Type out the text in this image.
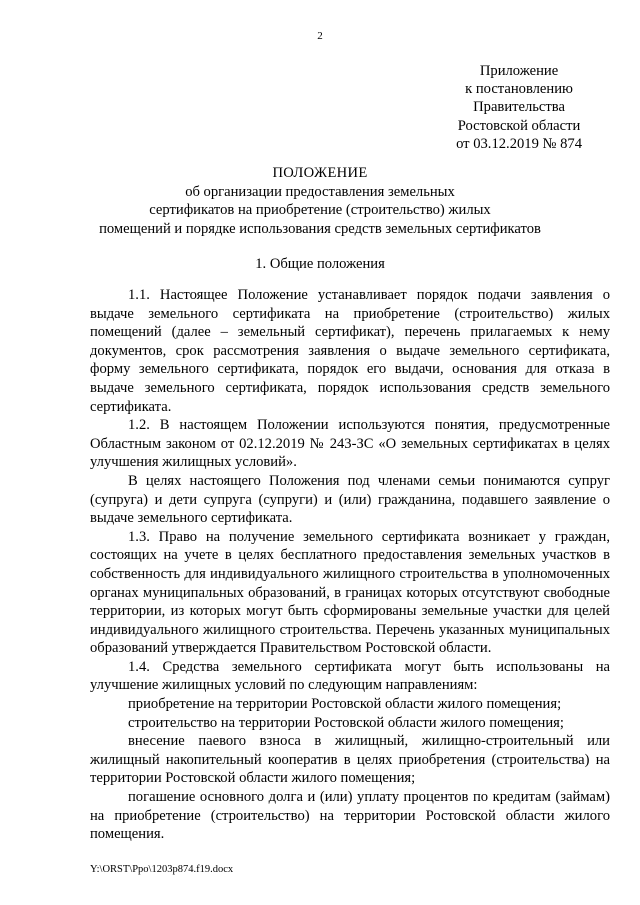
2
Приложение
к постановлению
Правительства
Ростовской области
от 03.12.2019 № 874
ПОЛОЖЕНИЕ
об организации предоставления земельных
сертификатов на приобретение (строительство) жилых
помещений и порядке использования средств земельных сертификатов
1. Общие положения

1.1. Настоящее Положение устанавливает порядок подачи заявления о выдаче земельного сертификата на приобретение (строительство) жилых помещений (далее – земельный сертификат), перечень прилагаемых к нему документов, срок рассмотрения заявления о выдаче земельного сертификата, форму земельного сертификата, порядок его выдачи, основания для отказа в выдаче земельного сертификата, порядок использования средств земельного сертификата.

1.2. В настоящем Положении используются понятия, предусмотренные Областным законом от 02.12.2019 № 243-ЗС «О земельных сертификатах в целях улучшения жилищных условий».

В целях настоящего Положения под членами семьи понимаются супруг (супруга) и дети супруга (супруги) и (или) гражданина, подавшего заявление о выдаче земельного сертификата.

1.3. Право на получение земельного сертификата возникает у граждан, состоящих на учете в целях бесплатного предоставления земельных участков в собственность для индивидуального жилищного строительства в уполномоченных органах муниципальных образований, в границах которых отсутствуют свободные территории, из которых могут быть сформированы земельные участки для целей индивидуального жилищного строительства. Перечень указанных муниципальных образований утверждается Правительством Ростовской области.

1.4. Средства земельного сертификата могут быть использованы на улучшение жилищных условий по следующим направлениям:

приобретение на территории Ростовской области жилого помещения;

строительство на территории Ростовской области жилого помещения;

внесение паевого взноса в жилищный, жилищно-строительный или жилищный накопительный кооператив в целях приобретения (строительства) на территории Ростовской области жилого помещения;

погашение основного долга и (или) уплату процентов по кредитам (займам) на приобретение (строительство) на территории Ростовской области жилого помещения.

Y:\ORST\Ppo\1203p874.f19.docx
